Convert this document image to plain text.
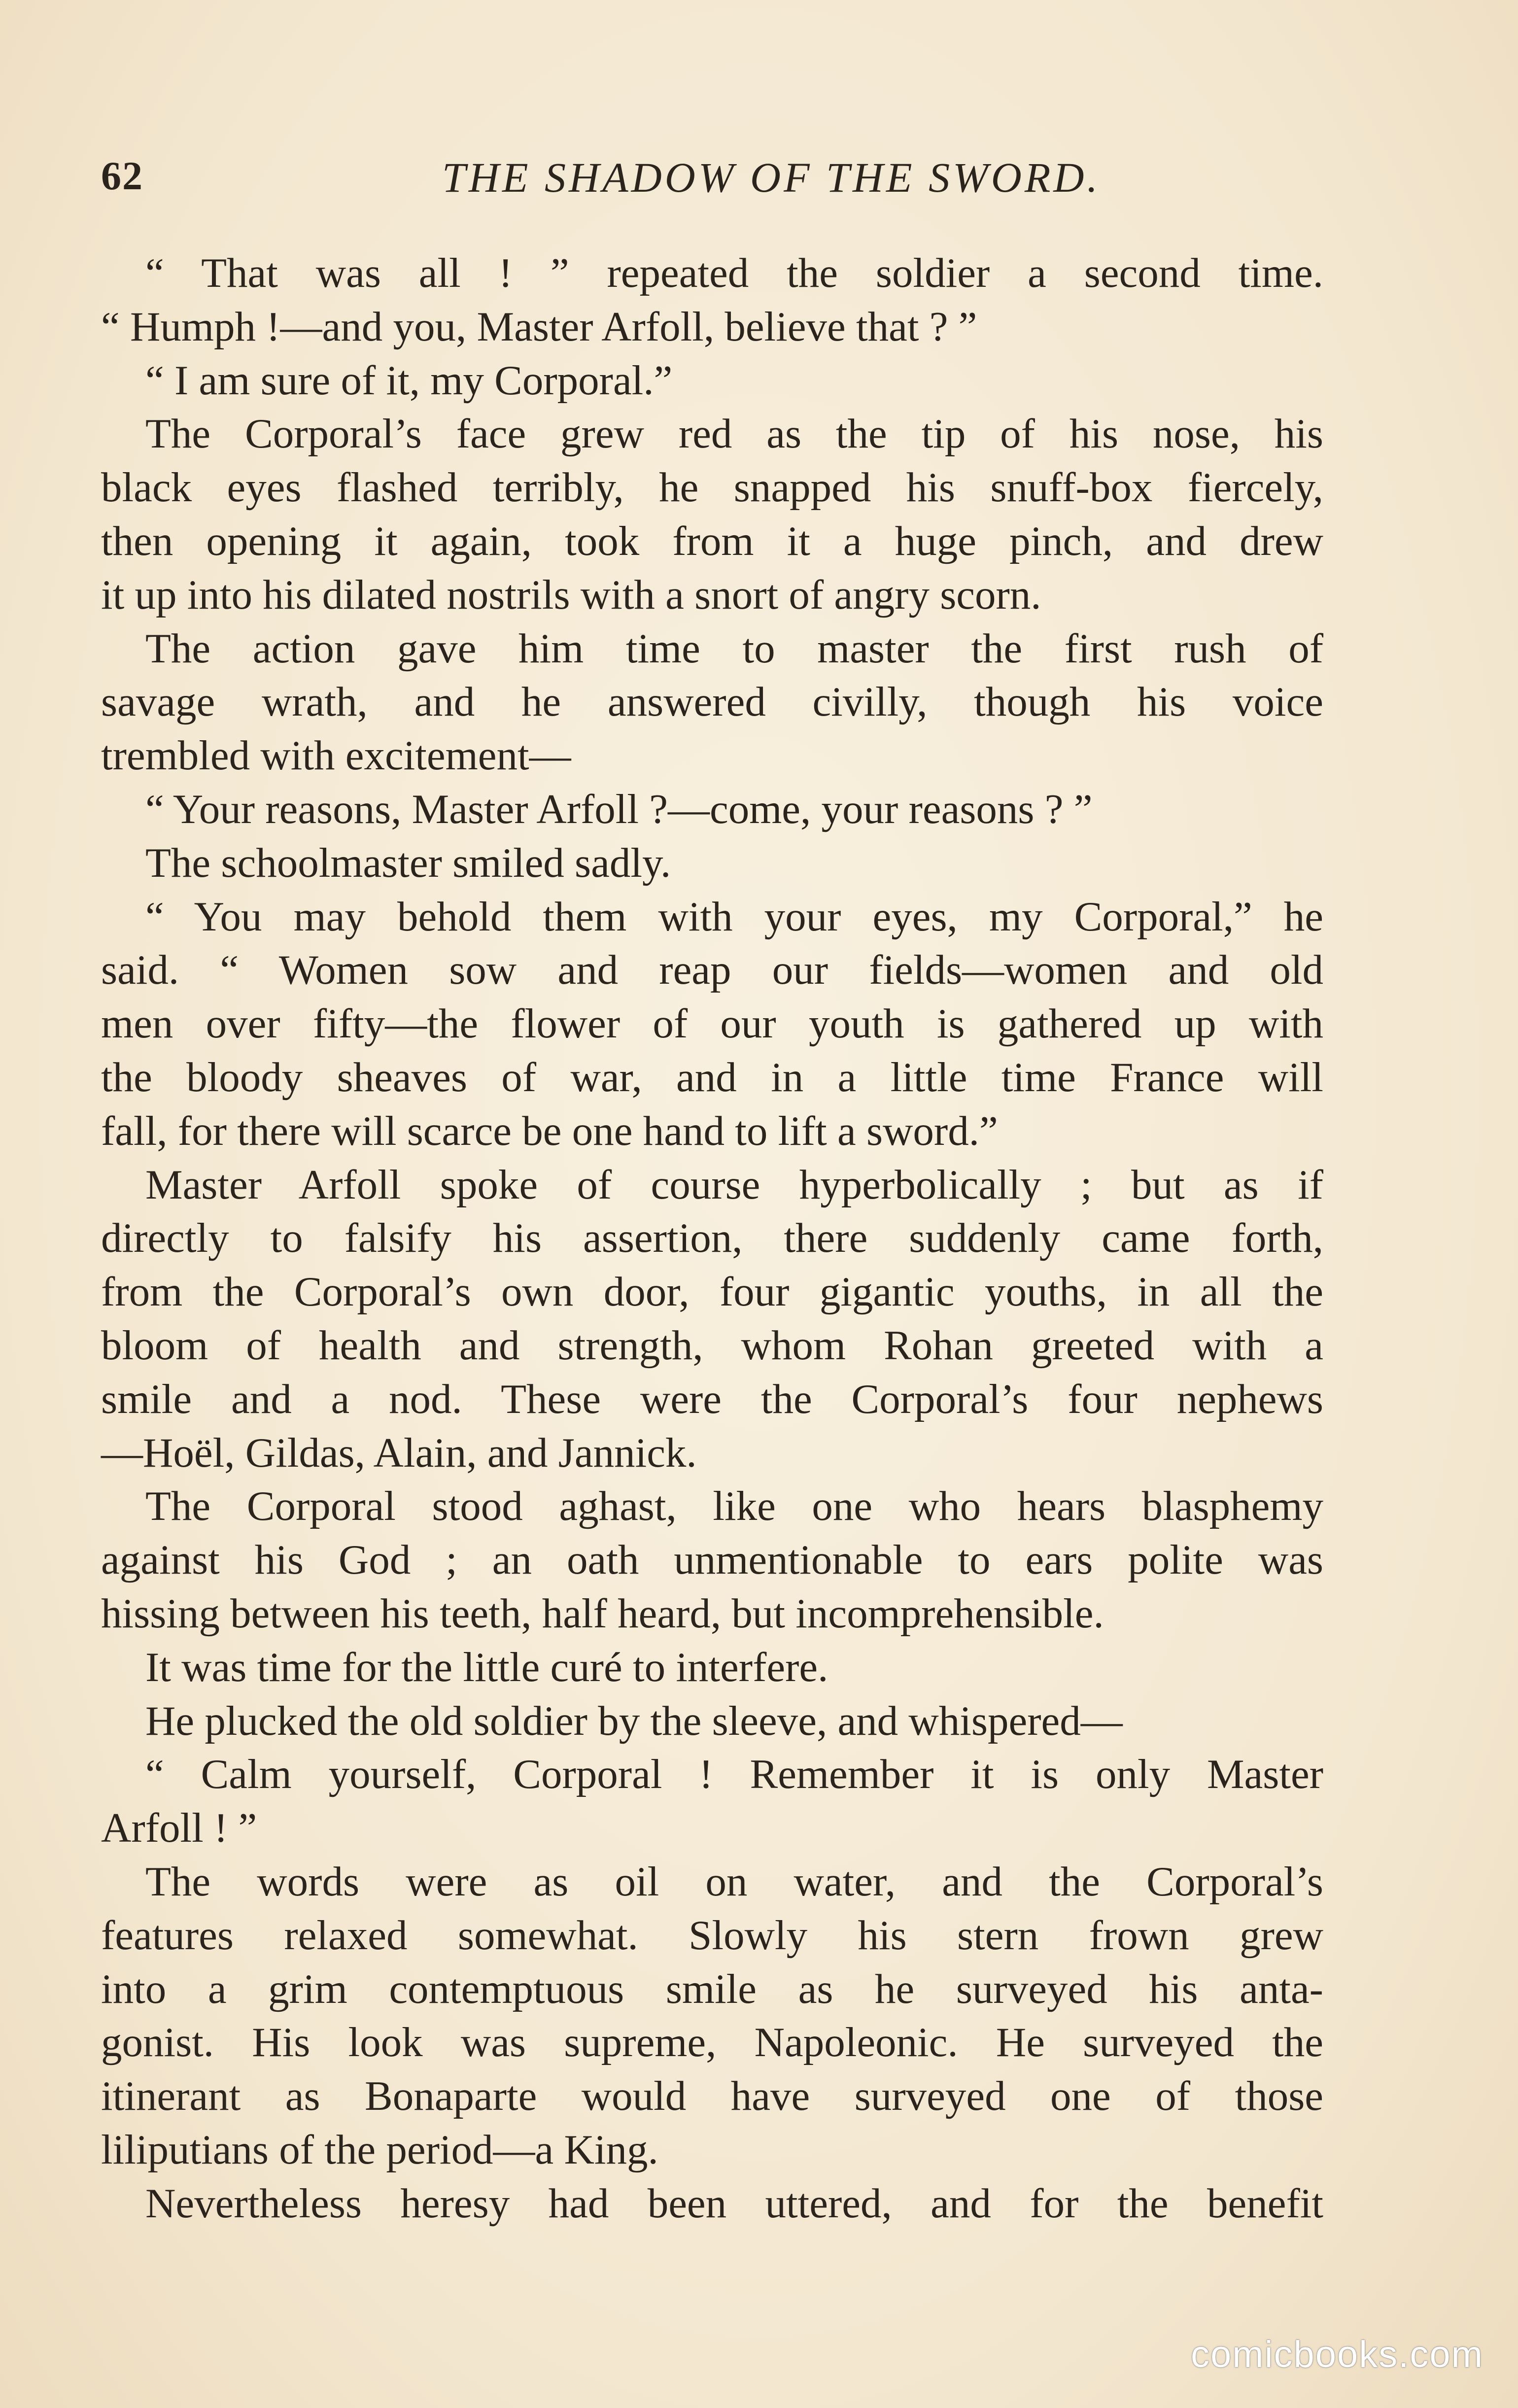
62	THE SHADOW OF THE SWORD.
“ That was all ! ” repeated the soldier a second time.
“ Humph !—and you, Master Arfoll, believe that ? ”
“ I am sure of it, my Corporal.”
The Corporal’s face grew red as the tip of his nose, his
black eyes flashed terribly, he snapped his snuff-box fiercely,
then opening it again, took from it a huge pinch, and drew
it up into his dilated nostrils with a snort of angry scorn.
The action gave him time to master the first rush of
savage wrath, and he answered civilly, though his voice
trembled with excitement—
“ Your reasons, Master Arfoll ?—come, your reasons ? ”
The schoolmaster smiled sadly.
“ You may behold them with your eyes, my Corporal,” he
said. “ Women sow and reap our fields—women and old
men over fifty—the flower of our youth is gathered up with
the bloody sheaves of war, and in a little time France will
fall, for there will scarce be one hand to lift a sword.”
Master Arfoll spoke of course hyperbolically ; but as if
directly to falsify his assertion, there suddenly came forth,
from the Corporal’s own door, four gigantic youths, in all the
bloom of health and strength, whom Rohan greeted with a
smile and a nod. These were the Corporal’s four nephews
—Hoël, Gildas, Alain, and Jannick.
The Corporal stood aghast, like one who hears blasphemy
against his God ; an oath unmentionable to ears polite was
hissing between his teeth, half heard, but incomprehensible.
It was time for the little curé to interfere.
He plucked the old soldier by the sleeve, and whispered—
“ Calm yourself, Corporal ! Remember it is only Master
Arfoll ! ”
The words were as oil on water, and the Corporal’s
features relaxed somewhat. Slowly his stern frown grew
into a grim contemptuous smile as he surveyed his anta-
gonist. His look was supreme, Napoleonic. He surveyed the
itinerant as Bonaparte would have surveyed one of those
liliputians of the period—a King.
Nevertheless heresy had been uttered, and for the benefit
comicbooks.com
